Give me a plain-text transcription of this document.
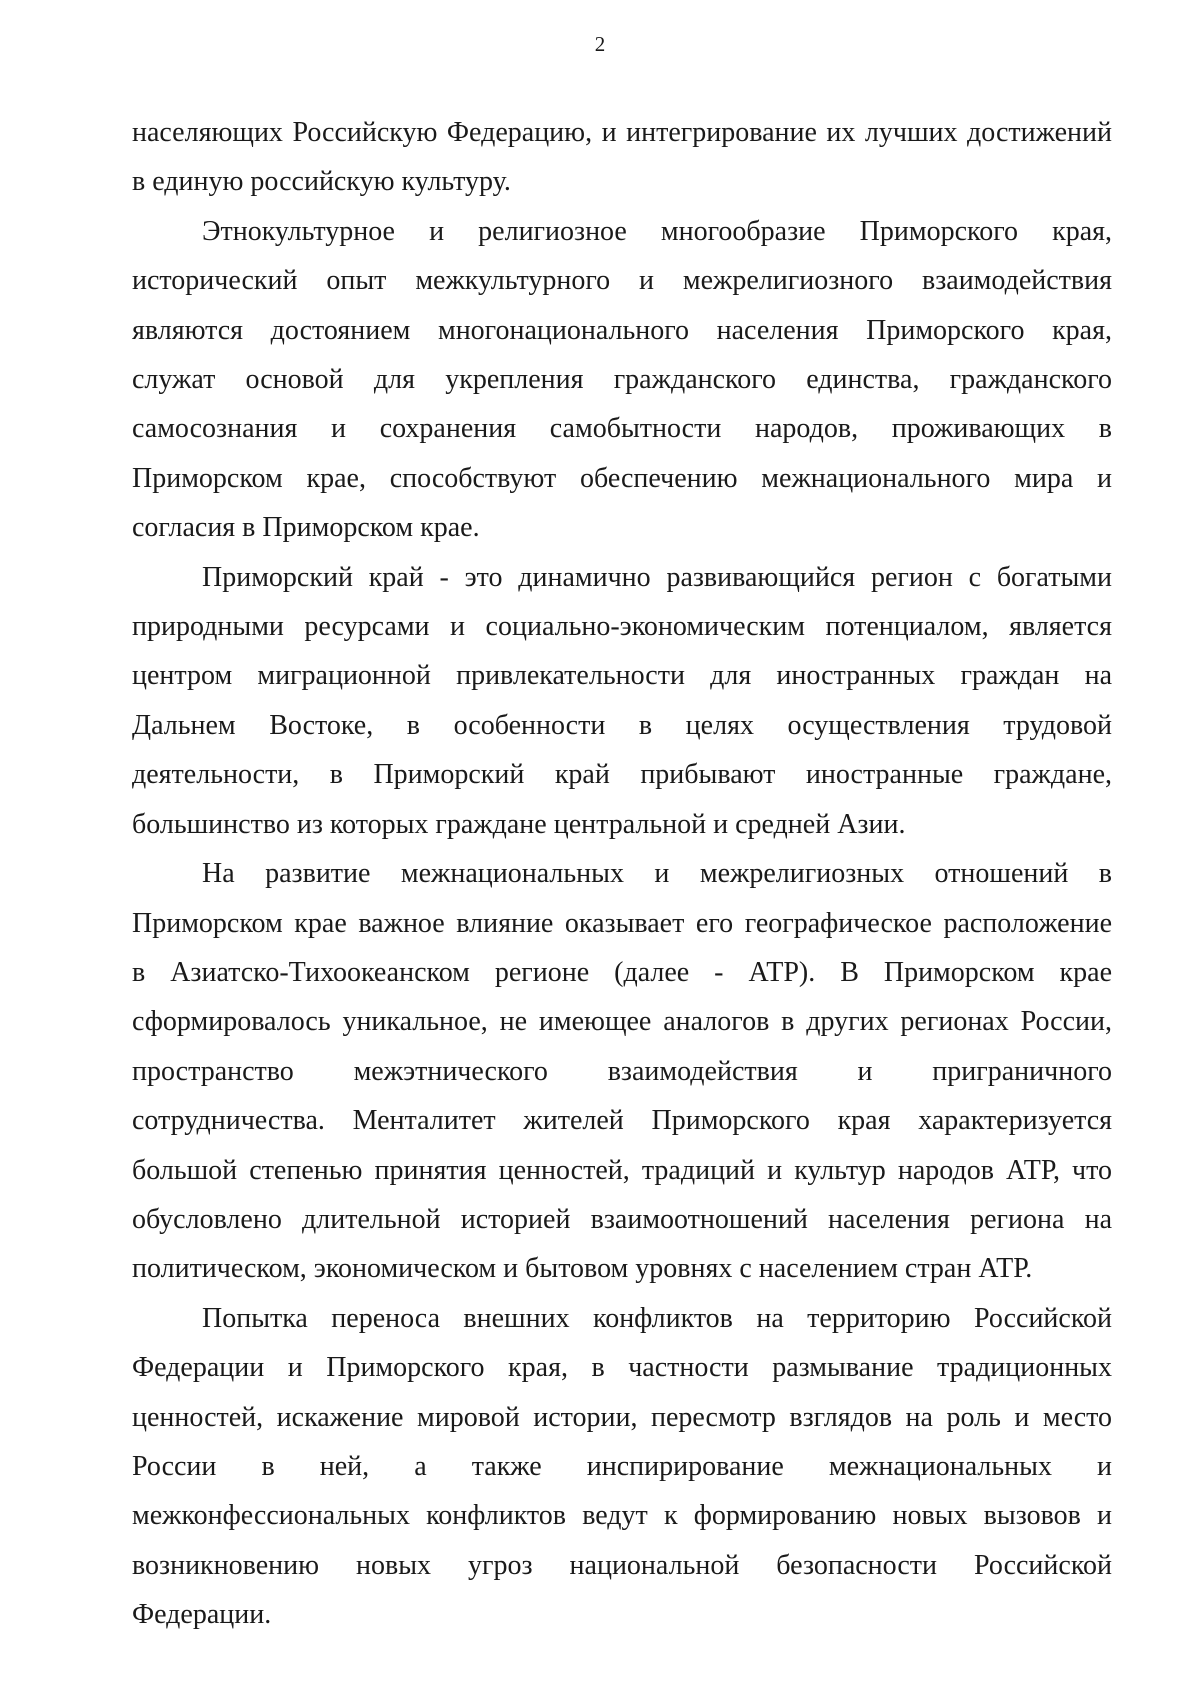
2

населяющих Российскую Федерацию, и интегрирование их лучших достижений
в единую российскую культуру.

Этнокультурное и религиозное многообразие Приморского края,
исторический опыт межкультурного и межрелигиозного взаимодействия
являются достоянием многонационального населения Приморского края,
служат основой для укрепления гражданского единства, гражданского
самосознания и сохранения самобытности народов, проживающих в
Приморском крае, способствуют обеспечению межнационального мира и
согласия в Приморском крае.

Приморский край - это динамично развивающийся регион с богатыми
природными ресурсами и социально-экономическим потенциалом, является
центром миграционной привлекательности для иностранных граждан на
Дальнем Востоке, в особенности в целях осуществления трудовой
деятельности, в Приморский край прибывают иностранные граждане,
большинство из которых граждане центральной и средней Азии.

На развитие межнациональных и межрелигиозных отношений в
Приморском крае важное влияние оказывает его географическое расположение
в Азиатско-Тихоокеанском регионе (далее - АТР). В Приморском крае
сформировалось уникальное, не имеющее аналогов в других регионах России,
пространство межэтнического взаимодействия и приграничного
сотрудничества. Менталитет жителей Приморского края характеризуется
большой степенью принятия ценностей, традиций и культур народов АТР, что
обусловлено длительной историей взаимоотношений населения региона на
политическом, экономическом и бытовом уровнях с населением стран АТР.

Попытка переноса внешних конфликтов на территорию Российской
Федерации и Приморского края, в частности размывание традиционных
ценностей, искажение мировой истории, пересмотр взглядов на роль и место
России в ней, а также инспирирование межнациональных и
межконфессиональных конфликтов ведут к формированию новых вызовов и
возникновению новых угроз национальной безопасности Российской
Федерации.
